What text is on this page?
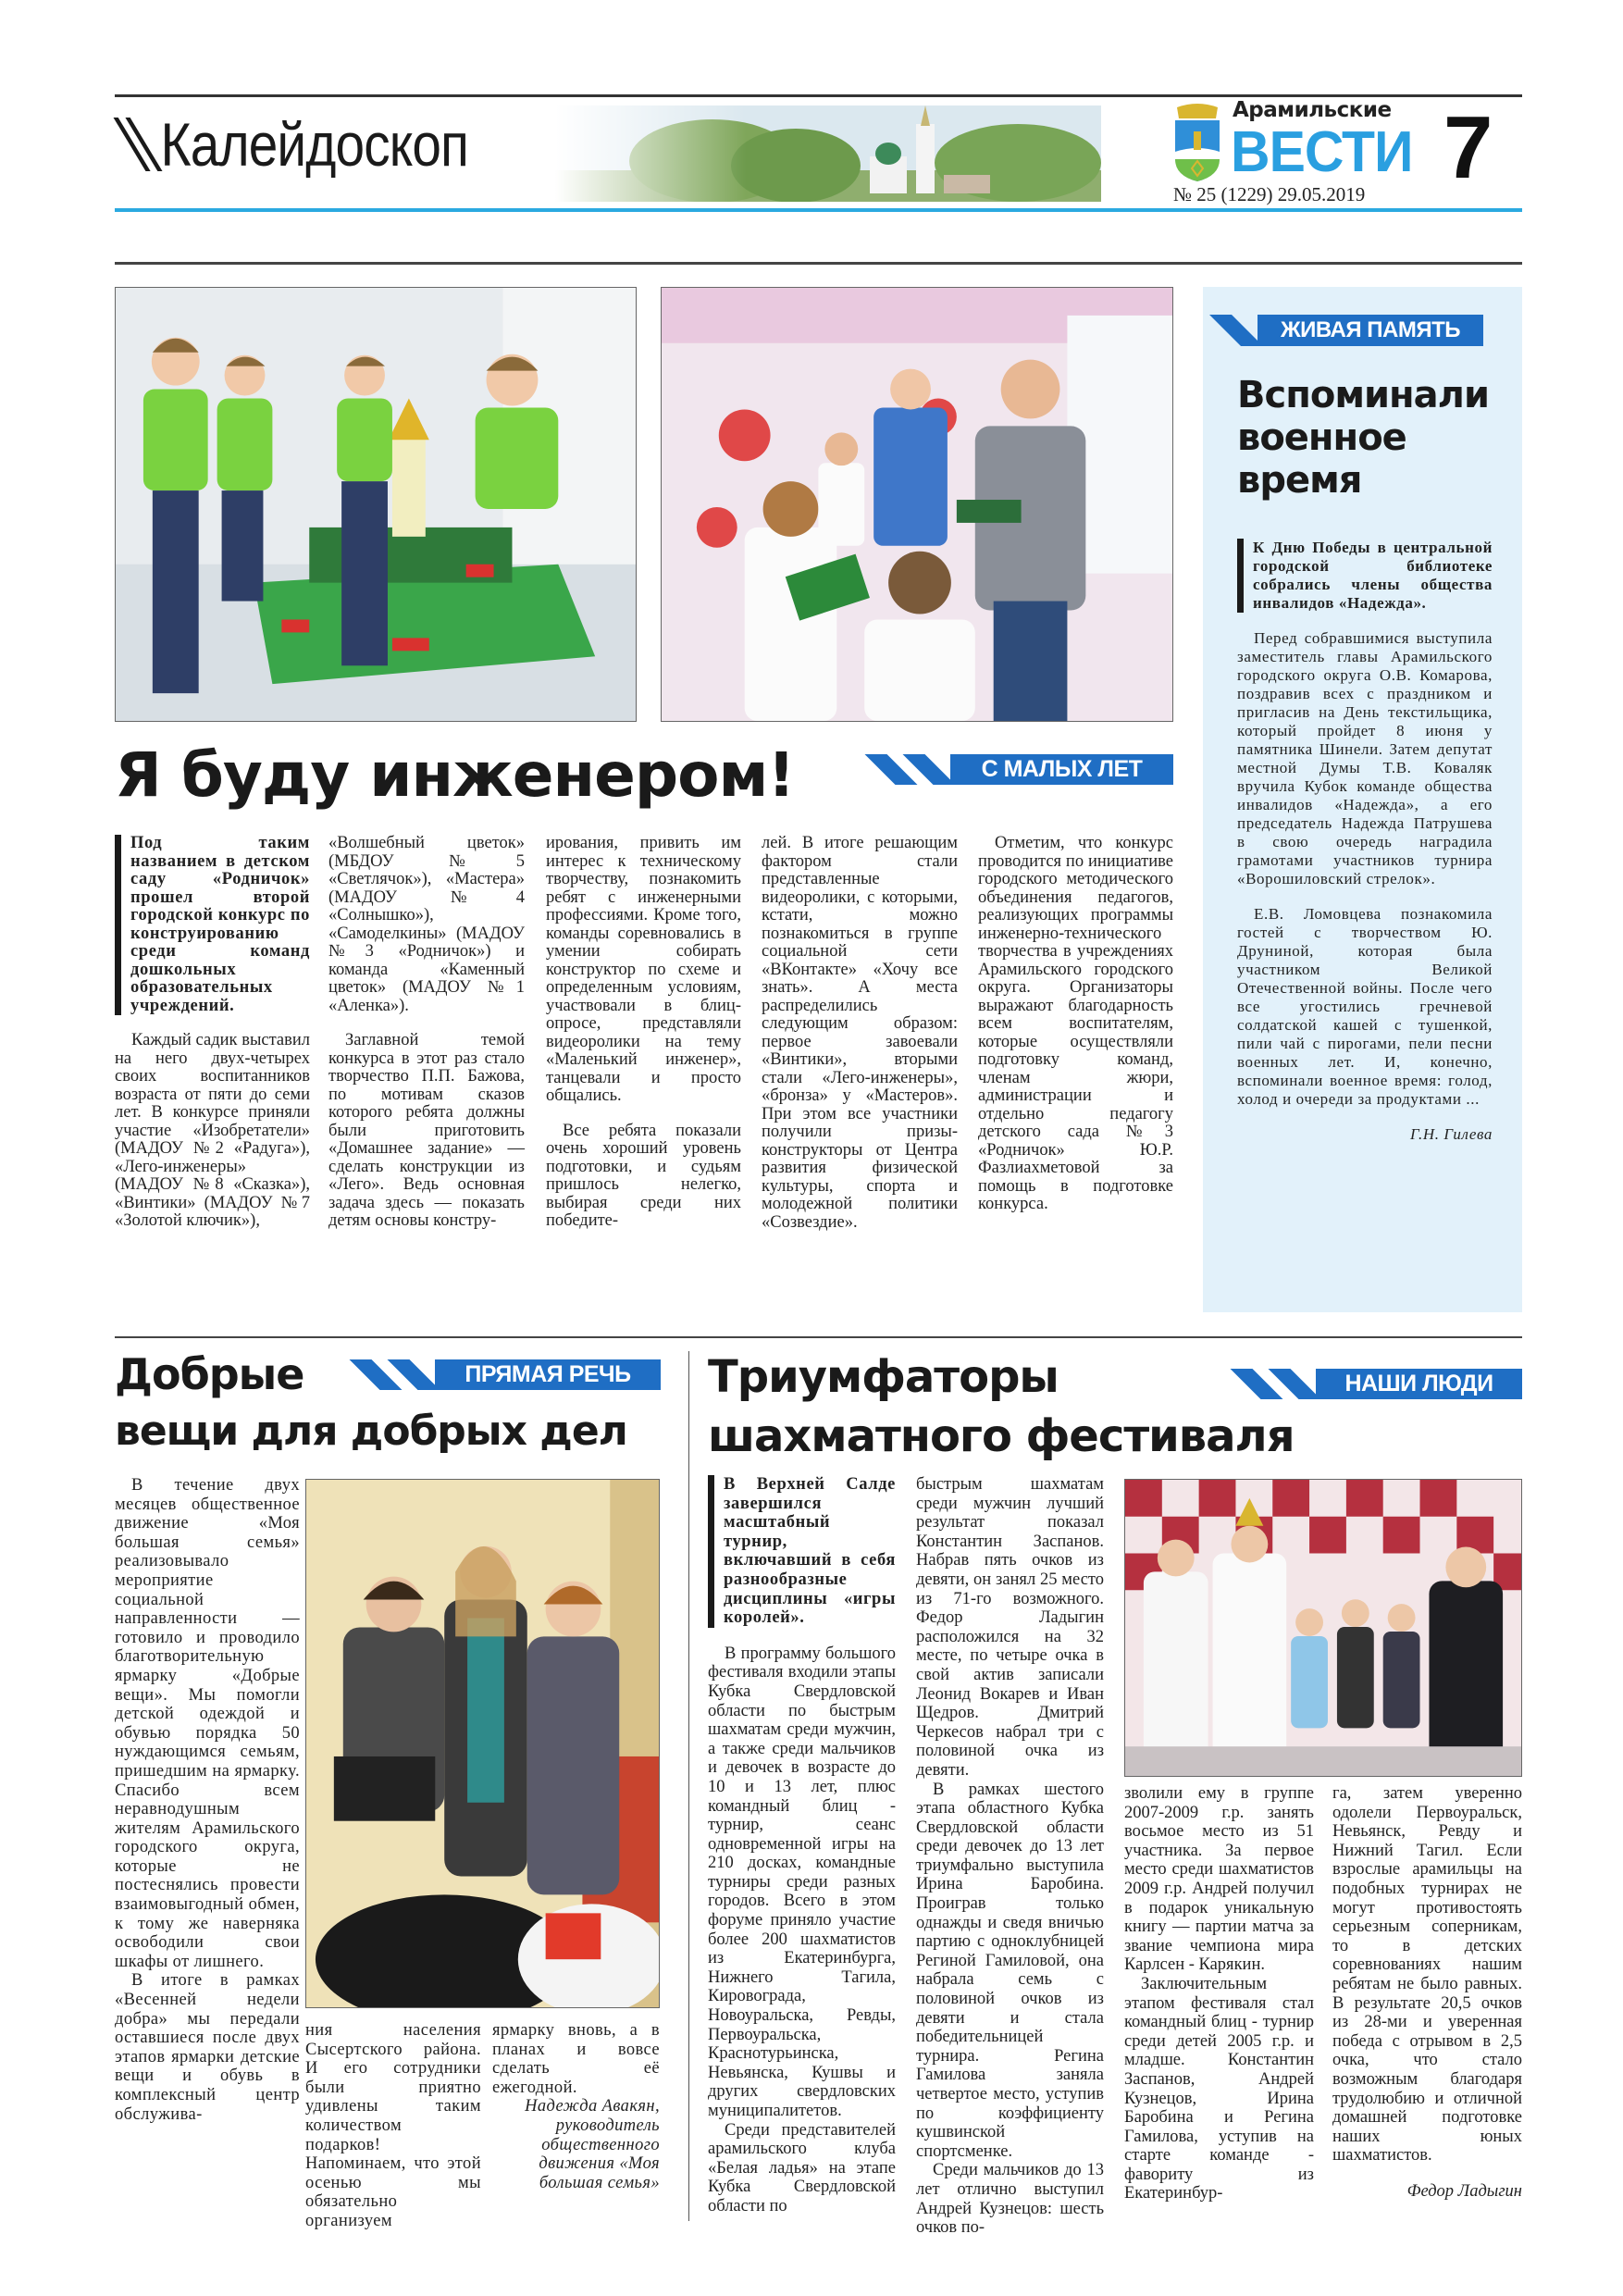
Калейдоскоп	Арамильские
ВЕСТИ
№ 25 (1229) 29.05.2019 7
Я буду инженером!	С МАЛЫХ ЛЕТ

Под таким названием в детском саду «Родничок» прошел второй городской конкурс по конструированию среди команд дошкольных образовательных учреждений.

Каждый садик выставил на него двух-четырех своих воспитанников возраста от пяти до семи лет. В конкурсе приняли участие «Изобретатели» (МАДОУ №2 «Радуга»), «Лего-инженеры» (МАДОУ №8 «Сказка»), «Винтики» (МАДОУ №7 «Золотой ключик»),

«Волшебный цветок» (МБДОУ №5 «Светлячок»), «Мастера» (МАДОУ №4 «Солнышко»), «Самоделкины» (МАДОУ №3 «Родничок») и команда «Каменный цветок» (МАДОУ №1 «Аленка»).

Заглавной темой конкурса в этот раз стало творчество П.П. Бажова, по мотивам сказов которого ребята должны были приготовить «Домашнее задание» — сделать конструкции из «Лего». Ведь основная задача здесь — показать детям основы констру-

ирования, привить им интерес к техническому творчеству, познакомить ребят с инженерными профессиями. Кроме того, команды соревновались в умении собирать конструктор по схеме и определенным условиям, участвовали в блиц-опросе, представляли видеоролики на тему «Маленький инженер», танцевали и просто общались.

Все ребята показали очень хороший уровень подготовки, и судьям пришлось нелегко, выбирая среди них победите-

лей. В итоге решающим фактором стали представленные видеоролики, с которыми, кстати, можно познакомиться в группе социальной сети «ВКонтакте» «Хочу все знать». А места распределились следующим образом: первое завоевали «Винтики», вторыми стали «Лего-инженеры», «бронза» у «Мастеров». При этом все участники получили призы-конструкторы от Центра развития физической культуры, спорта и молодежной политики «Созвездие».

Отметим, что конкурс проводится по инициативе городского методического объединения педагогов, реализующих программы инженерно-технического творчества в учреждениях Арамильского городского округа. Организаторы выражают благодарность всем воспитателям, которые осуществляли подготовку команд, членам жюри, администрации и отдельно педагогу детского сада №3 «Родничок» Ю.Р. Фазлиахметовой за помощь в подготовке конкурса.

ЖИВАЯ ПАМЯТЬ
Вспоминали военное время

К Дню Победы в центральной городской библиотеке собрались члены общества инвалидов «Надежда».

Перед собравшимися выступила заместитель главы Арамильского городского округа О.В. Комарова, поздравив всех с праздником и пригласив на День текстильщика, который пройдет 8 июня у памятника Шинели. Затем депутат местной Думы Т.В. Коваляк вручила Кубок команде общества инвалидов «Надежда», а его председатель Надежда Патрушева в свою очередь наградила грамотами участников турнира «Ворошиловский стрелок».

Е.В. Ломовцева познакомила гостей с творчеством Ю. Друниной, которая была участником Великой Отечественной войны. После чего все угостились гречневой солдатской кашей с тушенкой, пили чай с пирогами, пели песни военных лет. И, конечно, вспоминали военное время: голод, холод и очереди за продуктами ...

Г.Н. Гилева

Добрые
вещи для добрых дел
ПРЯМАЯ РЕЧЬ

В течение двух месяцев общественное движение «Моя большая семья» реализовывало мероприятие социальной направленности — готовило и проводило благотворительную ярмарку «Добрые вещи». Мы помогли детской одеждой и обувью порядка 50 нуждающимся семьям, пришедшим на ярмарку. Спасибо всем неравнодушным жителям Арамильского городского округа, которые не постеснялись провести взаимовыгодный обмен, к тому же наверняка освободили свои шкафы от лишнего.

В итоге в рамках «Весенней недели добра» мы передали оставшиеся после двух этапов ярмарки детские вещи и обувь в комплексный центр обслужива-

ния населения Сысертского района. И его сотрудники были приятно удивлены таким количеством подарков! Напоминаем, что этой осенью мы обязательно организуем

ярмарку вновь, а в планах и вовсе сделать её ежегодной.

Надежда Авакян, руководитель общественного движения «Моя большая семья»

Триумфаторы
шахматного фестиваля
НАШИ ЛЮДИ

В Верхней Салде завершился масштабный турнир, включавший в себя разнообразные дисциплины «игры королей».

В программу большого фестиваля входили этапы Кубка Свердловской области по быстрым шахматам среди мужчин, а также среди мальчиков и девочек в возрасте до 10 и 13 лет, плюс командный блиц - турнир, сеанс одновременной игры на 210 досках, командные турниры среди разных городов. Всего в этом форуме приняло участие более 200 шахматистов из Екатеринбурга, Нижнего Тагила, Кировограда, Новоуральска, Ревды, Первоуральска, Краснотурьинска, Невьянска, Кушвы и других свердловских муниципалитетов.

Среди представителей арамильского клуба «Белая ладья» на этапе Кубка Свердловской области по

быстрым шахматам среди мужчин лучший результат показал Константин Заспанов. Набрав пять очков из девяти, он занял 25 место из 71-го возможного. Федор Ладыгин расположился на 32 месте, по четыре очка в свой актив записали Леонид Вокарев и Иван Щедров. Дмитрий Черкесов набрал три с половиной очка из девяти.

В рамках шестого этапа областного Кубка Свердловской области среди девочек до 13 лет триумфально выступила Ирина Баробина. Проиграв только однажды и сведя вничью партию с одноклубницей Региной Гамиловой, она набрала семь с половиной очков из девяти и стала победительницей турнира. Регина Гамилова заняла четвертое место, уступив по коэффициенту кушвинской спортсменке.

Среди мальчиков до 13 лет отлично выступил Андрей Кузнецов: шесть очков по-

зволили ему в группе 2007-2009 г.р. занять восьмое место из 51 участника. За первое место среди шахматистов 2009 г.р. Андрей получил в подарок уникальную книгу — партии матча за звание чемпиона мира Карлсен - Карякин.

Заключительным этапом фестиваля стал командный блиц - турнир среди детей 2005 г.р. и младше. Константин Заспанов, Андрей Кузнецов, Ирина Баробина и Регина Гамилова, уступив на старте команде - фавориту из Екатеринбур-

га, затем уверенно одолели Первоуральск, Невьянск, Ревду и Нижний Тагил. Если взрослые арамильцы на подобных турнирах не могут противостоять серьезным соперникам, то в детских соревнованиях нашим ребятам не было равных. В результате 20,5 очков из 28-ми и уверенная победа с отрывом в 2,5 очка, что стало возможным благодаря трудолюбию и отличной домашней подготовке наших юных шахматистов.

Федор Ладыгин
